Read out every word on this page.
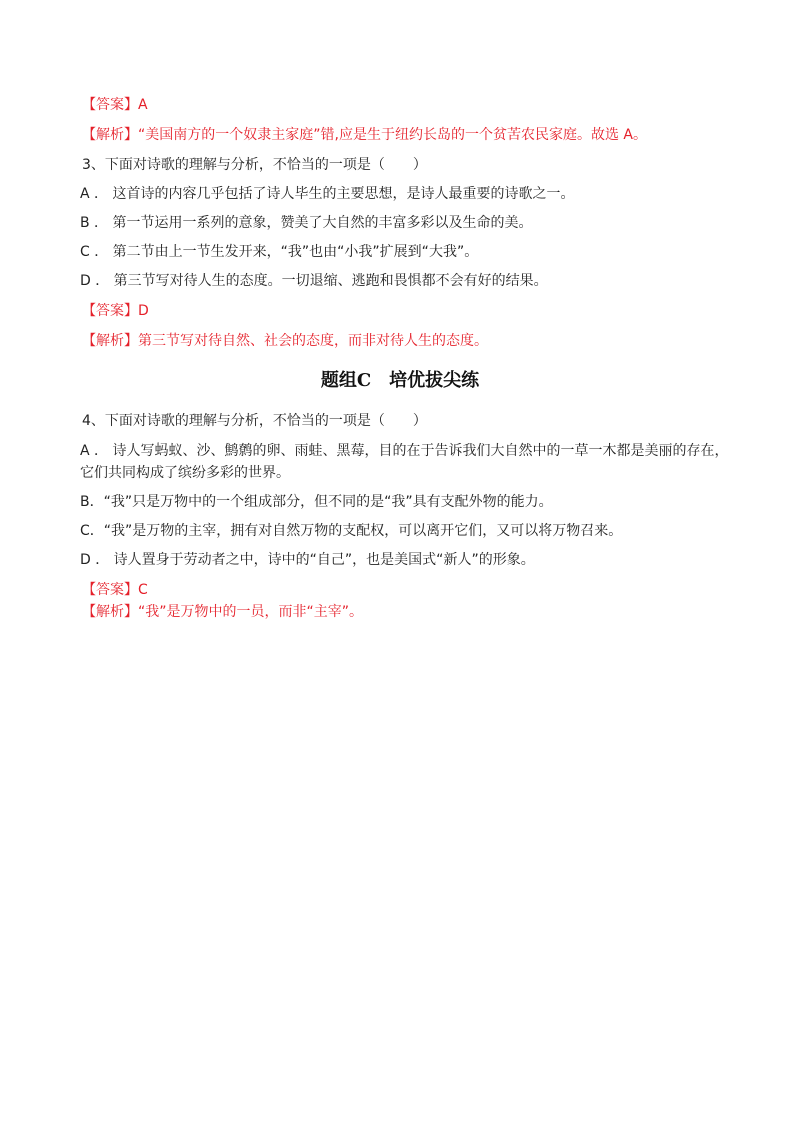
【答案】A
【解析】“美国南方的一个奴隶主家庭”错,应是生于纽约长岛的一个贫苦农民家庭。故选 A。
3、下面对诗歌的理解与分析，不恰当的一项是（　　）
A ． 这首诗的内容几乎包括了诗人毕生的主要思想，是诗人最重要的诗歌之一。
B ． 第一节运用一系列的意象，赞美了大自然的丰富多彩以及生命的美。
C ． 第二节由上一节生发开来，“我”也由“小我”扩展到“大我”。
D ． 第三节写对待人生的态度。一切退缩、逃跑和畏惧都不会有好的结果。
【答案】D
【解析】第三节写对待自然、社会的态度，而非对待人生的态度。
题组C　培优拔尖练
4、下面对诗歌的理解与分析，不恰当的一项是（　　）
A ． 诗人写蚂蚁、沙、鹪鹩的卵、雨蛙、黑莓，目的在于告诉我们大自然中的一草一木都是美丽的存在，
它们共同构成了缤纷多彩的世界。
B．“我”只是万物中的一个组成部分，但不同的是“我”具有支配外物的能力。
C．“我”是万物的主宰，拥有对自然万物的支配权，可以离开它们，又可以将万物召来。
D ． 诗人置身于劳动者之中，诗中的“自己”，也是美国式“新人”的形象。
【答案】C
【解析】“我”是万物中的一员，而非“主宰”。
